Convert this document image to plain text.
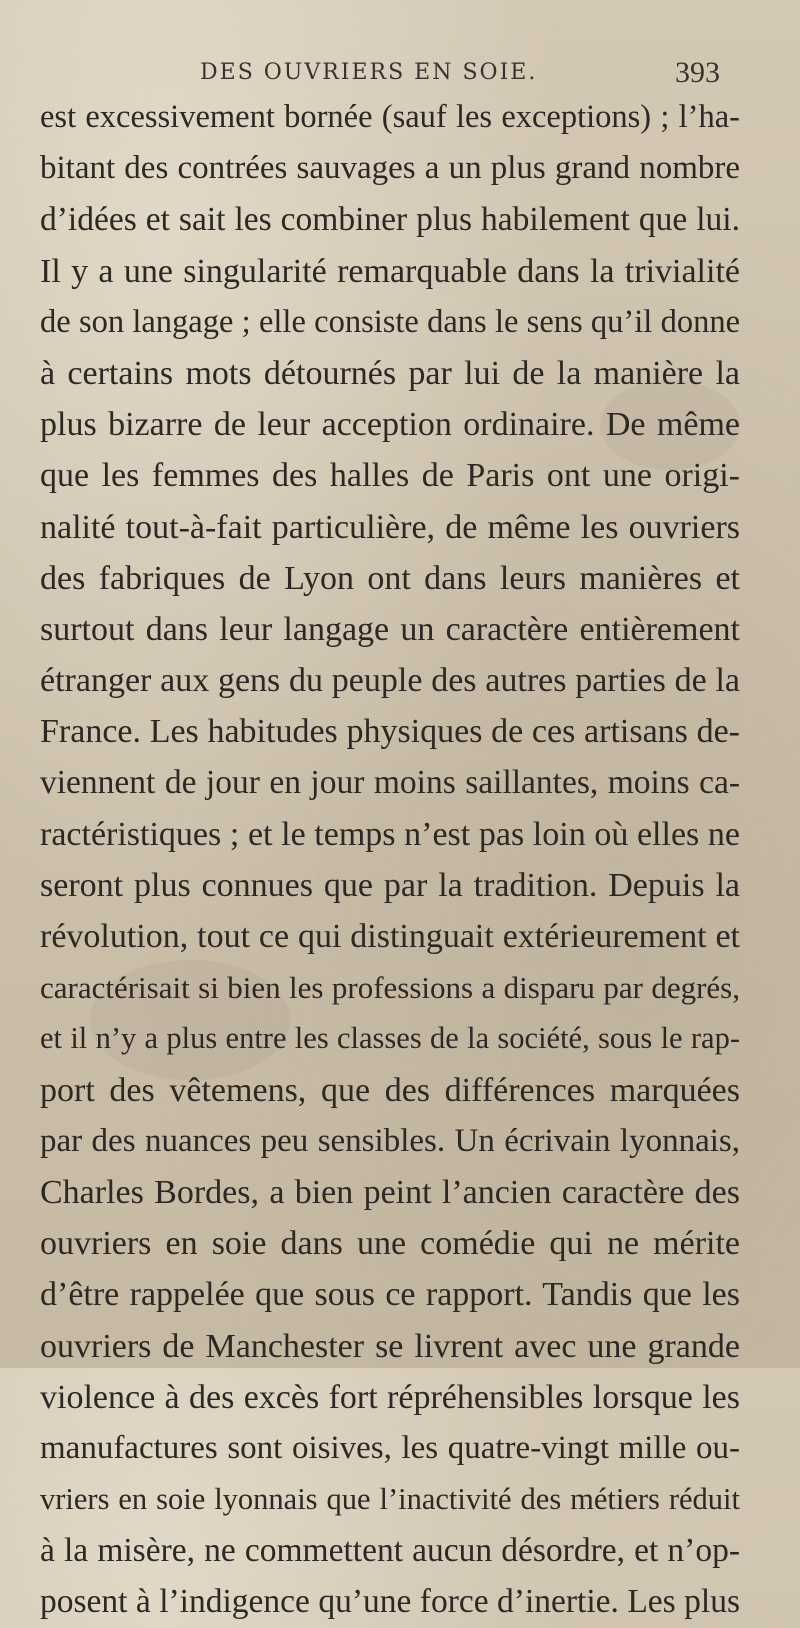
DES OUVRIERS EN SOIE.	393
est excessivement bornée (sauf les exceptions) ; l’ha-
bitant des contrées sauvages a un plus grand nombre
d’idées et sait les combiner plus habilement que lui.
Il y a une singularité remarquable dans la trivialité
de son langage ; elle consiste dans le sens qu’il donne
à certains mots détournés par lui de la manière la
plus bizarre de leur acception ordinaire. De même
que les femmes des halles de Paris ont une origi-
nalité tout-à-fait particulière, de même les ouvriers
des fabriques de Lyon ont dans leurs manières et
surtout dans leur langage un caractère entièrement
étranger aux gens du peuple des autres parties de la
France. Les habitudes physiques de ces artisans de-
viennent de jour en jour moins saillantes, moins ca-
ractéristiques ; et le temps n’est pas loin où elles ne
seront plus connues que par la tradition. Depuis la
révolution, tout ce qui distinguait extérieurement et
caractérisait si bien les professions a disparu par degrés,
et il n’y a plus entre les classes de la société, sous le rap-
port des vêtemens, que des différences marquées
par des nuances peu sensibles. Un écrivain lyonnais,
Charles Bordes, a bien peint l’ancien caractère des
ouvriers en soie dans une comédie qui ne mérite
d’être rappelée que sous ce rapport. Tandis que les
ouvriers de Manchester se livrent avec une grande
violence à des excès fort répréhensibles lorsque les
manufactures sont oisives, les quatre-vingt mille ou-
vriers en soie lyonnais que l’inactivité des métiers réduit
à la misère, ne commettent aucun désordre, et n’op-
posent à l’indigence qu’une force d’inertie. Les plus
